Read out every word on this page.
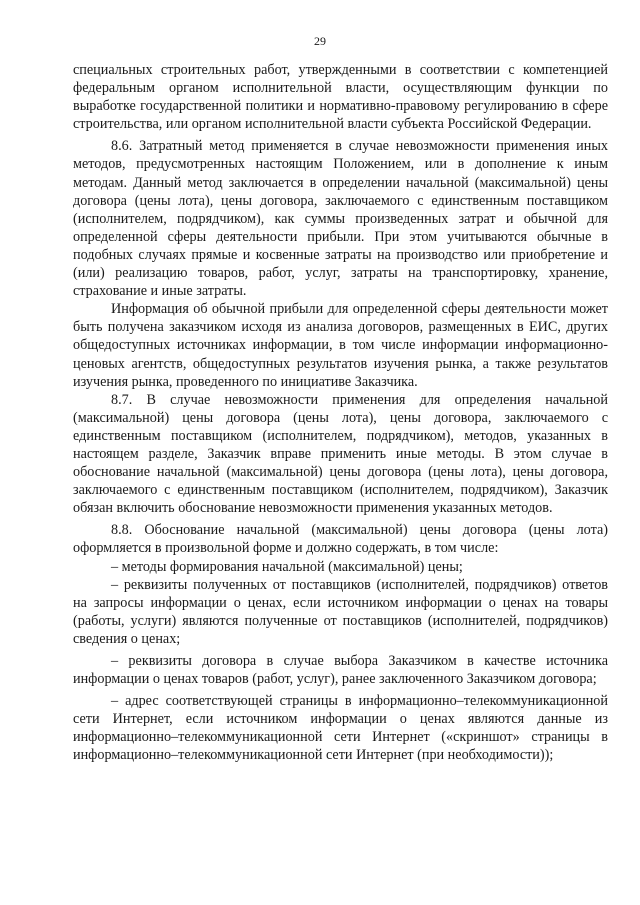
29

специальных строительных работ, утвержденными в соответствии с компетенцией федеральным органом исполнительной власти, осуществляющим функции по выработке государственной политики и нормативно-правовому регулированию в сфере строительства, или органом исполнительной власти субъекта Российской Федерации.

8.6. Затратный метод применяется в случае невозможности применения иных методов, предусмотренных настоящим Положением, или в дополнение к иным методам. Данный метод заключается в определении начальной (максимальной) цены договора (цены лота), цены договора, заключаемого с единственным поставщиком (исполнителем, подрядчиком), как суммы произведенных затрат и обычной для определенной сферы деятельности прибыли. При этом учитываются обычные в подобных случаях прямые и косвенные затраты на производство или приобретение и (или) реализацию товаров, работ, услуг, затраты на транспортировку, хранение, страхование и иные затраты.

Информация об обычной прибыли для определенной сферы деятельности может быть получена заказчиком исходя из анализа договоров, размещенных в ЕИС, других общедоступных источниках информации, в том числе информации информационно-ценовых агентств, общедоступных результатов изучения рынка, а также результатов изучения рынка, проведенного по инициативе Заказчика.

8.7. В случае невозможности применения для определения начальной (максимальной) цены договора (цены лота), цены договора, заключаемого с единственным поставщиком (исполнителем, подрядчиком), методов, указанных в настоящем разделе, Заказчик вправе применить иные методы. В этом случае в обоснование начальной (максимальной) цены договора (цены лота), цены договора, заключаемого с единственным поставщиком (исполнителем, подрядчиком), Заказчик обязан включить обоснование невозможности применения указанных методов.

8.8. Обоснование начальной (максимальной) цены договора (цены лота) оформляется в произвольной форме и должно содержать, в том числе:

– методы формирования начальной (максимальной) цены;

– реквизиты полученных от поставщиков (исполнителей, подрядчиков) ответов на запросы информации о ценах, если источником информации о ценах на товары (работы, услуги) являются полученные от поставщиков (исполнителей, подрядчиков) сведения о ценах;

– реквизиты договора в случае выбора Заказчиком в качестве источника информации о ценах товаров (работ, услуг), ранее заключенного Заказчиком договора;

– адрес соответствующей страницы в информационно–телекоммуникационной сети Интернет, если источником информации о ценах являются данные из информационно–телекоммуникационной сети Интернет («скриншот» страницы в информационно–телекоммуникационной сети Интернет (при необходимости));
